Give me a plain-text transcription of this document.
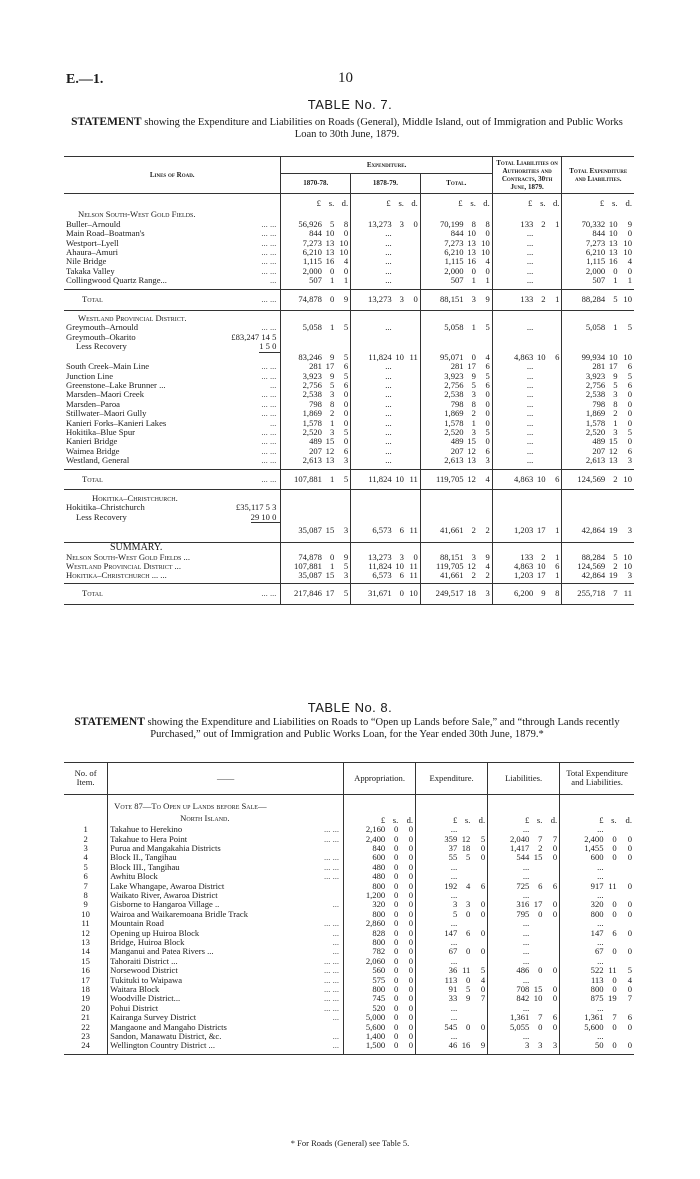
E.—1.	10
TABLE No. 7.
STATEMENT showing the Expenditure and Liabilities on Roads (General), Middle Island, out of Immigration and Public Works Loan to 30th June, 1879.
Lines of Road.	Expenditure.									Total Liabilities on Authorities and Contracts, 30th June, 1879.			Total Expenditure and Liabilities.		
	1870-78.			1878-79.			Total.								
	£	s.	d.	£	s.	d.	£	s.	d.	£	s.	d.	£	s.	d.
Nelson South-West Gold Fields.															
Buller–Arnould ... ...	56,926	5	8	13,273	3	0	70,199	8	8	133	2	1	70,332	10	9
Main Road–Boatman's ... ...	844	10	0	...			844	10	0	...			844	10	0
Westport–Lyell ... ...	7,273	13	10	...			7,273	13	10	...			7,273	13	10
Ahaura–Amuri ... ...	6,210	13	10	...			6,210	13	10	...			6,210	13	10
Nile Bridge ... ...	1,115	16	4	...			1,115	16	4	...			1,115	16	4
Takaka Valley ... ...	2,000	0	0	...			2,000	0	0	...			2,000	0	0
Collingwood Quartz Range... ...	507	1	1	...			507	1	1	...			507	1	1

Total ... ...	74,878	0	9	13,273	3	0	88,151	3	9	133	2	1	88,284	5	10

Westland Provincial District.															
Greymouth–Arnould ... ...	5,058	1	5	...			5,058	1	5	...			5,058	1	5
Greymouth–Okarito £83,247 14 5															

Less Recovery 1 5 0															

	83,246	9	5	11,824	10	11	95,071	0	4	4,863	10	6	99,934	10	10
South Creek–Main Line ... ...	281	17	6	...			281	17	6	...			281	17	6
Junction Line ... ...	3,923	9	5	...			3,923	9	5	...			3,923	9	5
Greenstone–Lake Brunner ... ...	2,756	5	6	...			2,756	5	6	...			2,756	5	6
Marsden–Maori Creek ... ...	2,538	3	0	...			2,538	3	0	...			2,538	3	0
Marsden–Paroa ... ...	798	8	0	...			798	8	0	...			798	8	0
Stillwater–Maori Gully ... ...	1,869	2	0	...			1,869	2	0	...			1,869	2	0
Kanieri Forks–Kanieri Lakes ...	1,578	1	0	...			1,578	1	0	...			1,578	1	0
Hokitika–Blue Spur ... ...	2,520	3	5	...			2,520	3	5	...			2,520	3	5
Kanieri Bridge ... ...	489	15	0	...			489	15	0	...			489	15	0
Waimea Bridge ... ...	207	12	6	...			207	12	6	...			207	12	6
Westland, General ... ...	2,613	13	3	...			2,613	13	3	...			2,613	13	3

Total ... ...	107,881	1	5	11,824	10	11	119,705	12	4	4,863	10	6	124,569	2	10

Hokitika–Christchurch.															
Hokitika–Christchurch £35,117 5 3															

Less Recovery 29 10 0															

	35,087	15	3	6,573	6	11	41,661	2	2	1,203	17	1	42,864	19	3

SUMMARY.															
Nelson South-West Gold Fields ...	74,878	0	9	13,273	3	0	88,151	3	9	133	2	1	88,284	5	10
Westland Provincial District ...	107,881	1	5	11,824	10	11	119,705	12	4	4,863	10	6	124,569	2	10
Hokitika–Christchurch ... ...	35,087	15	3	6,573	6	11	41,661	2	2	1,203	17	1	42,864	19	3

Total ... ...	217,846	17	5	31,671	0	10	249,517	18	3	6,200	9	8	255,718	7	11
TABLE No. 8.
STATEMENT showing the Expenditure and Liabilities on Roads to “Open up Lands before Sale,” and “through Lands recently Purchased,” out of Immigration and Public Works Loan, for the Year ended 30th June, 1879.*
No. of Item.	——	Appropriation.			Expenditure.			Liabilities.			Total Expenditure and Liabilities.		

	Vote 87—To Open up Lands before Sale—												
	North Island.	£	s.	d.	£	s.	d.	£	s.	d.	£	s.	d.
1	Takahue to Herekino ... ...	2,160	0	0	...			...			...		
2	Takahue to Hera Point ... ...	2,400	0	0	359	12	5	2,040	7	7	2,400	0	0
3	Purua and Mangakahia Districts	840	0	0	37	18	0	1,417	2	0	1,455	0	0
4	Block II., Tangihau ... ...	600	0	0	55	5	0	544	15	0	600	0	0
5	Block III., Tangihau ... ...	480	0	0	...			...			...		
6	Awhitu Block ... ...	480	0	0	...			...			...		
7	Lake Whangape, Awaroa District	800	0	0	192	4	6	725	6	6	917	11	0
8	Waikato River, Awaroa District	1,200	0	0	...			...			...		
9	Gisborne to Hangaroa Village .. ...	320	0	0	3	3	0	316	17	0	320	0	0
10	Wairoa and Waikaremoana Bridle Track	800	0	0	5	0	0	795	0	0	800	0	0
11	Mountain Road ... ...	2,860	0	0	...			...			...		
12	Opening up Huiroa Block ...	828	0	0	147	6	0	...			147	6	0
13	Bridge, Huiroa Block ...	800	0	0	...			...			...		
14	Manganui and Patea Rivers ... ...	782	0	0	67	0	0	...			67	0	0
15	Tahoraiti District ... ... ...	2,060	0	0	...			...			...		
16	Norsewood District ... ...	560	0	0	36	11	5	486	0	0	522	11	5
17	Tukituki to Waipawa ... ...	575	0	0	113	0	4	...			113	0	4
18	Waitara Block ... ...	800	0	0	91	5	0	708	15	0	800	0	0
19	Woodville District... ... ...	745	0	0	33	9	7	842	10	0	875	19	7
20	Pohui District ... ...	520	0	0	...			...			...		
21	Kairanga Survey District ...	5,000	0	0	...			1,361	7	6	1,361	7	6
22	Mangaone and Mangaho Districts	5,600	0	0	545	0	0	5,055	0	0	5,600	0	0
23	Sandon, Manawatu District, &c. ...	1,400	0	0	...			...			...		
24	Wellington Country District ... ...	1,500	0	0	46	16	9	3	3	3	50	0	0
* For Roads (General) see Table 5.
